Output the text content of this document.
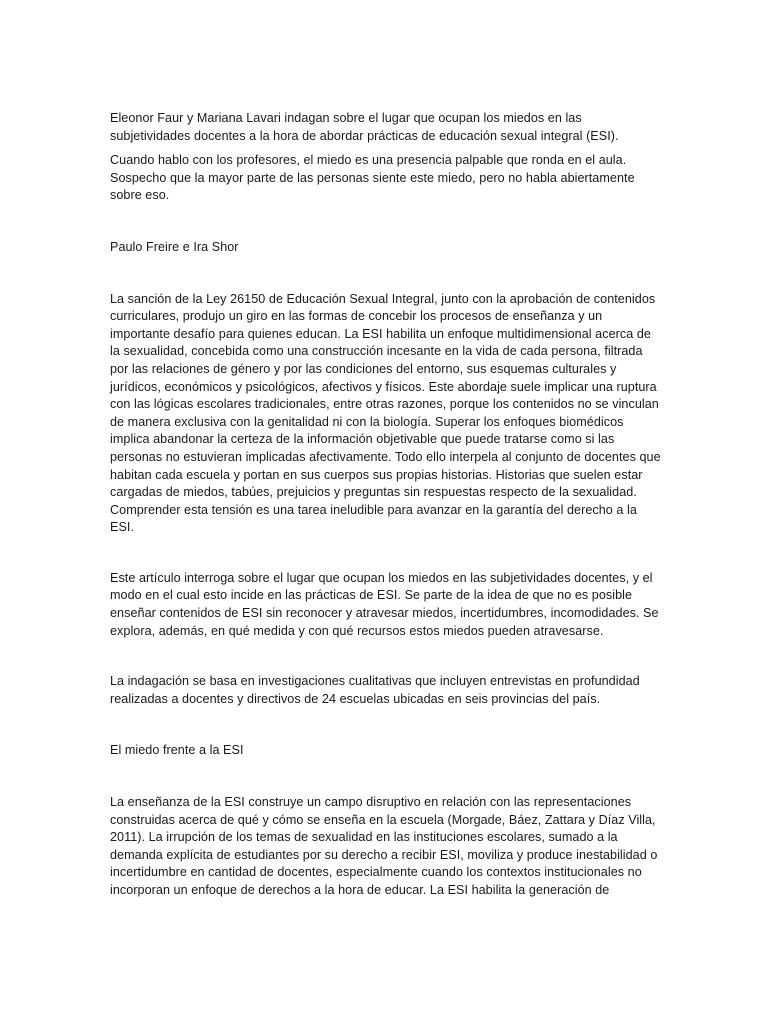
Eleonor Faur y Mariana Lavari indagan sobre el lugar que ocupan los miedos en las subjetividades docentes a la hora de abordar prácticas de educación sexual integral (ESI).

Cuando hablo con los profesores, el miedo es una presencia palpable que ronda en el aula. Sospecho que la mayor parte de las personas siente este miedo, pero no habla abiertamente sobre eso.

Paulo Freire e Ira Shor

La sanción de la Ley 26150 de Educación Sexual Integral, junto con la aprobación de contenidos curriculares, produjo un giro en las formas de concebir los procesos de enseñanza y un importante desafío para quienes educan. La ESI habilita un enfoque multidimensional acerca de la sexualidad, concebida como una construcción incesante en la vida de cada persona, filtrada por las relaciones de género y por las condiciones del entorno, sus esquemas culturales y jurídicos, económicos y psicológicos, afectivos y físicos. Este abordaje suele implicar una ruptura con las lógicas escolares tradicionales, entre otras razones, porque los contenidos no se vinculan de manera exclusiva con la genitalidad ni con la biología. Superar los enfoques biomédicos implica abandonar la certeza de la información objetivable que puede tratarse como si las personas no estuvieran implicadas afectivamente. Todo ello interpela al conjunto de docentes que habitan cada escuela y portan en sus cuerpos sus propias historias. Historias que suelen estar cargadas de miedos, tabúes, prejuicios y preguntas sin respuestas respecto de la sexualidad. Comprender esta tensión es una tarea ineludible para avanzar en la garantía del derecho a la ESI.

Este artículo interroga sobre el lugar que ocupan los miedos en las subjetividades docentes, y el modo en el cual esto incide en las prácticas de ESI. Se parte de la idea de que no es posible enseñar contenidos de ESI sin reconocer y atravesar miedos, incertidumbres, incomodidades. Se explora, además, en qué medida y con qué recursos estos miedos pueden atravesarse.

La indagación se basa en investigaciones cualitativas que incluyen entrevistas en profundidad realizadas a docentes y directivos de 24 escuelas ubicadas en seis provincias del país.

El miedo frente a la ESI

La enseñanza de la ESI construye un campo disruptivo en relación con las representaciones construidas acerca de qué y cómo se enseña en la escuela (Morgade, Báez, Zattara y Díaz Villa, 2011). La irrupción de los temas de sexualidad en las instituciones escolares, sumado a la demanda explícita de estudiantes por su derecho a recibir ESI, moviliza y produce inestabilidad o incertidumbre en cantidad de docentes, especialmente cuando los contextos institucionales no incorporan un enfoque de derechos a la hora de educar. La ESI habilita la generación de
